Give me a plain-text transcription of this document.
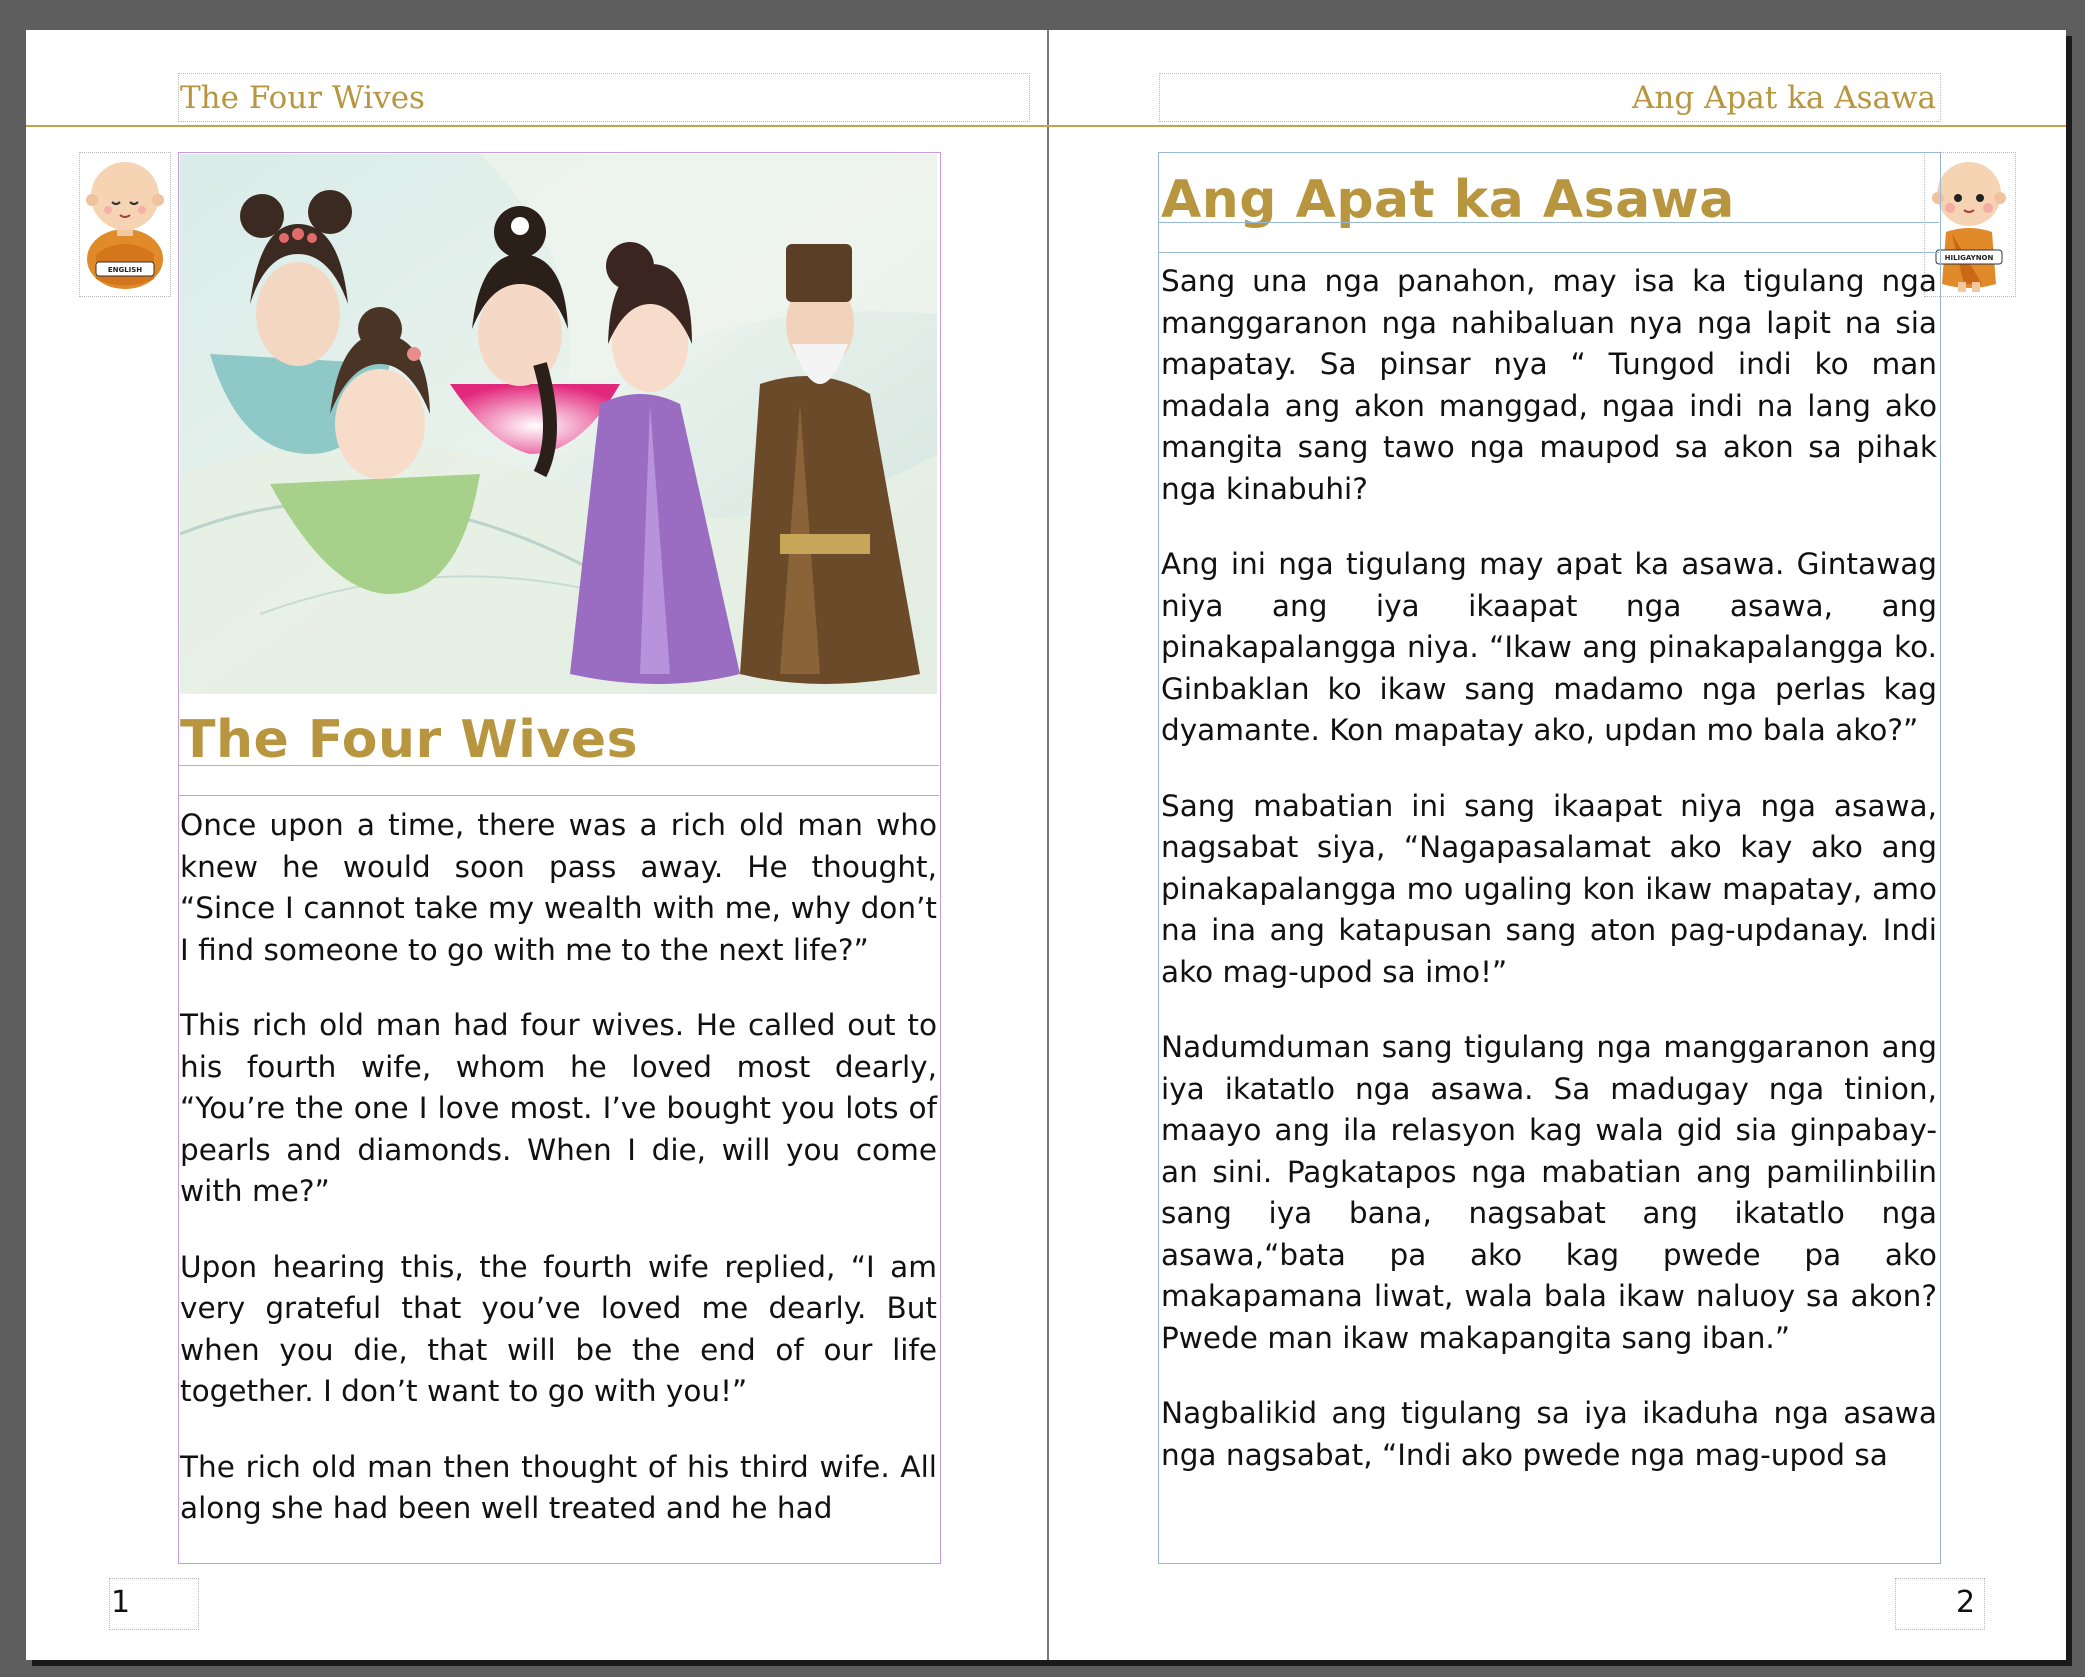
The Four Wives
ENGLISH
The Four Wives

Once upon a time, there was a rich old man who knew he would soon pass away. He thought, “Since I cannot take my wealth with me, why don’t I find someone to go with me to the next life?”

This rich old man had four wives. He called out to his fourth wife, whom he loved most dearly, “You’re the one I love most. I’ve bought you lots of pearls and diamonds. When I die, will you come with me?”

Upon hearing this, the fourth wife replied, “I am very grateful that you’ve loved me dearly. But when you die, that will be the end of our life together. I don’t want to go with you!”

The rich old man then thought of his third wife. All along she had been well treated and he had

1
Ang Apat ka Asawa
HILIGAYNON
Ang Apat ka Asawa

Sang una nga panahon, may isa ka tigulang nga manggaranon nga nahibaluan nya nga lapit na sia mapatay. Sa pinsar nya “ Tungod indi ko man madala ang akon manggad, ngaa indi na lang ako mangita sang tawo nga maupod sa akon sa pihak nga kinabuhi?

Ang ini nga tigulang may apat ka asawa. Gintawag niya ang iya ikaapat nga asawa, ang pinakapalangga niya. “Ikaw ang pinakapalangga ko. Ginbaklan ko ikaw sang madamo nga perlas kag dyamante. Kon mapatay ako, updan mo bala ako?”

Sang mabatian ini sang ikaapat niya nga asawa, nagsabat siya, “Nagapasalamat ako kay ako ang pinakapalangga mo ugaling kon ikaw mapatay, amo na ina ang katapusan sang aton pag-updanay. Indi ako mag-upod sa imo!”

Nadumduman sang tigulang nga manggaranon ang iya ikatatlo nga asawa. Sa madugay nga tinion, maayo ang ila relasyon kag wala gid sia ginpabay-an sini. Pagkatapos nga mabatian ang pamilinbilin sang iya bana, nagsabat ang ikatatlo nga asawa,“bata pa ako kag pwede pa ako makapamana liwat, wala bala ikaw naluoy sa akon? Pwede man ikaw makapangita sang iban.”

Nagbalikid ang tigulang sa iya ikaduha nga asawa nga nagsabat, “Indi ako pwede nga mag-upod sa

2
